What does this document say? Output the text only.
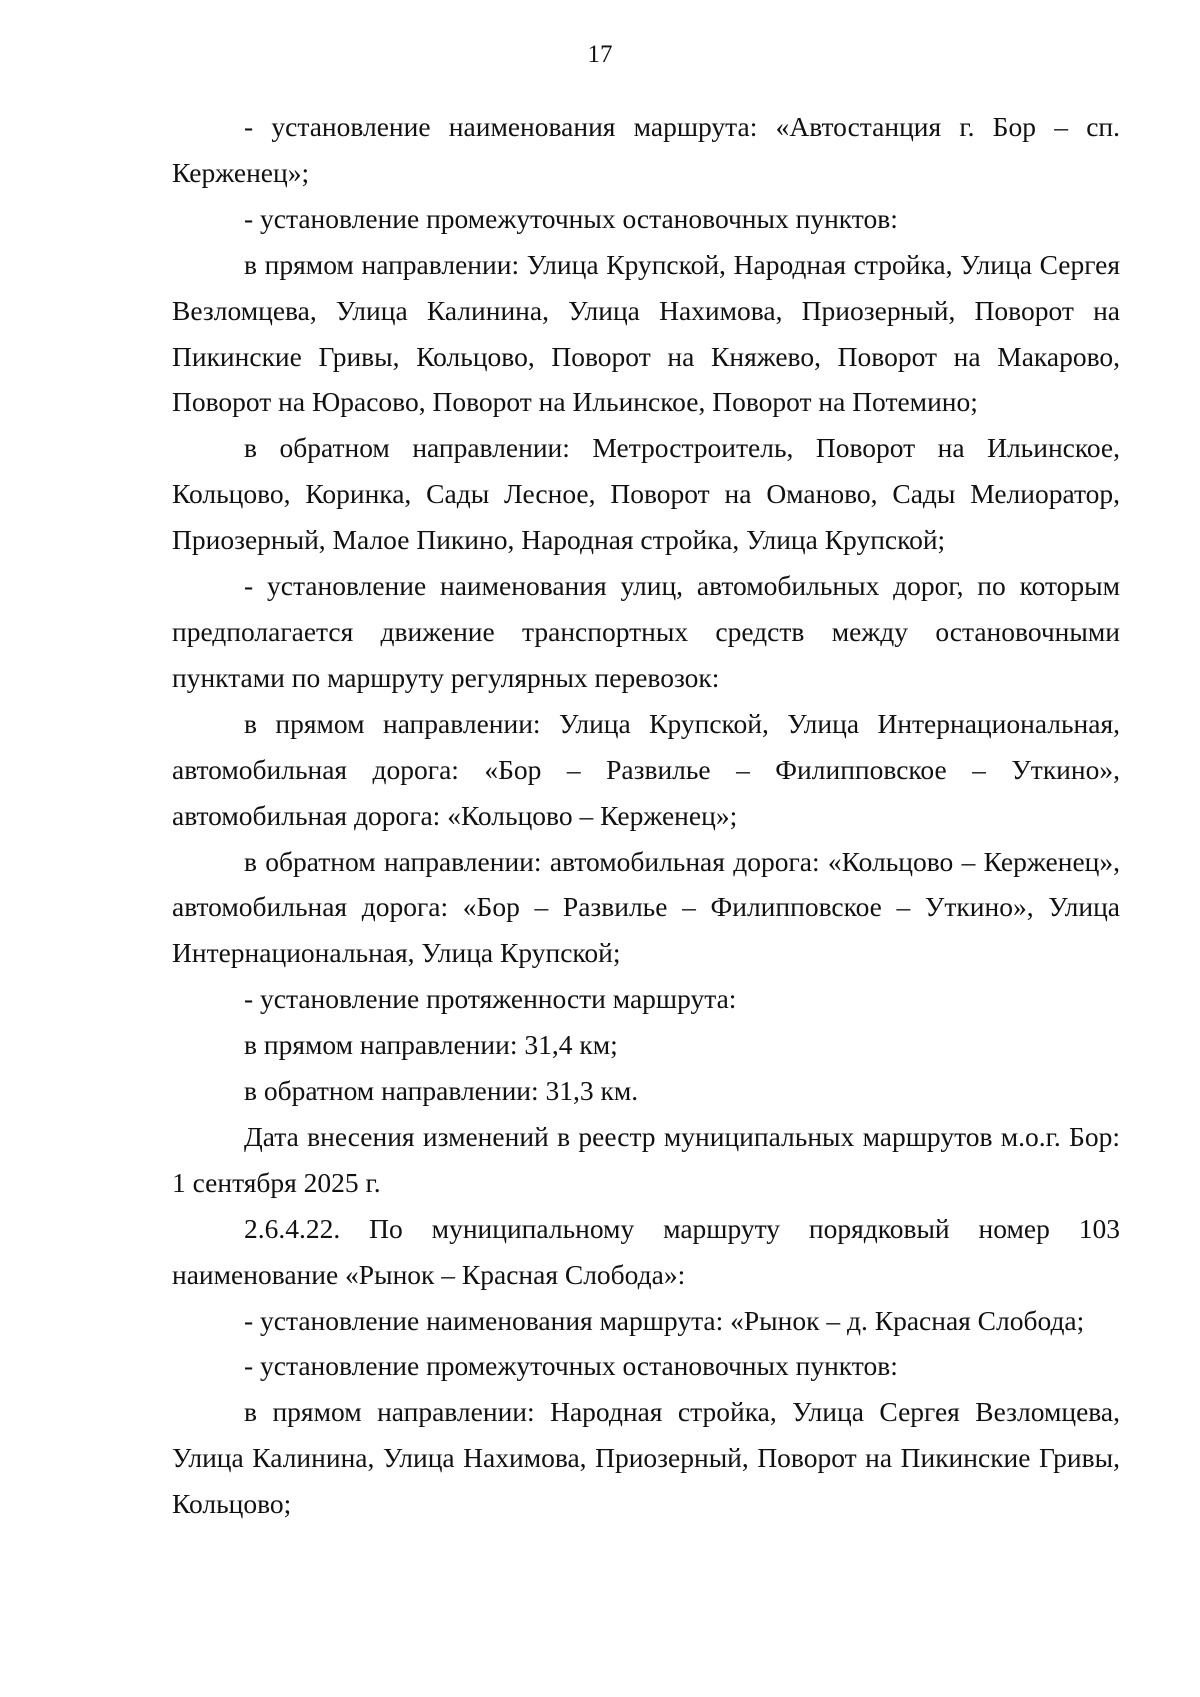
17

- установление наименования маршрута: «Автостанция г. Бор – сп. Керженец»;

- установление промежуточных остановочных пунктов:

в прямом направлении: Улица Крупской, Народная стройка, Улица Сергея Везломцева, Улица Калинина, Улица Нахимова, Приозерный, Поворот на Пикинские Гривы, Кольцово, Поворот на Княжево, Поворот на Макарово, Поворот на Юрасово, Поворот на Ильинское, Поворот на Потемино;

в обратном направлении: Метростроитель, Поворот на Ильинское, Кольцово, Коринка, Сады Лесное, Поворот на Оманово, Сады Мелиоратор, Приозерный, Малое Пикино, Народная стройка, Улица Крупской;

- установление наименования улиц, автомобильных дорог, по которым предполагается движение транспортных средств между остановочными пунктами по маршруту регулярных перевозок:

в прямом направлении: Улица Крупской, Улица Интернациональная, автомобильная дорога: «Бор – Развилье – Филипповское – Уткино», автомобильная дорога: «Кольцово – Керженец»;

в обратном направлении: автомобильная дорога: «Кольцово – Керженец», автомобильная дорога: «Бор – Развилье – Филипповское – Уткино», Улица Интернациональная, Улица Крупской;

- установление протяженности маршрута:

в прямом направлении: 31,4 км;

в обратном направлении: 31,3 км.

Дата внесения изменений в реестр муниципальных маршрутов м.о.г. Бор: 1 сентября 2025 г.

2.6.4.22. По муниципальному маршруту порядковый номер 103 наименование «Рынок – Красная Слобода»:

- установление наименования маршрута: «Рынок – д. Красная Слобода;

- установление промежуточных остановочных пунктов:

в прямом направлении: Народная стройка, Улица Сергея Везломцева, Улица Калинина, Улица Нахимова, Приозерный, Поворот на Пикинские Гривы, Кольцово;
